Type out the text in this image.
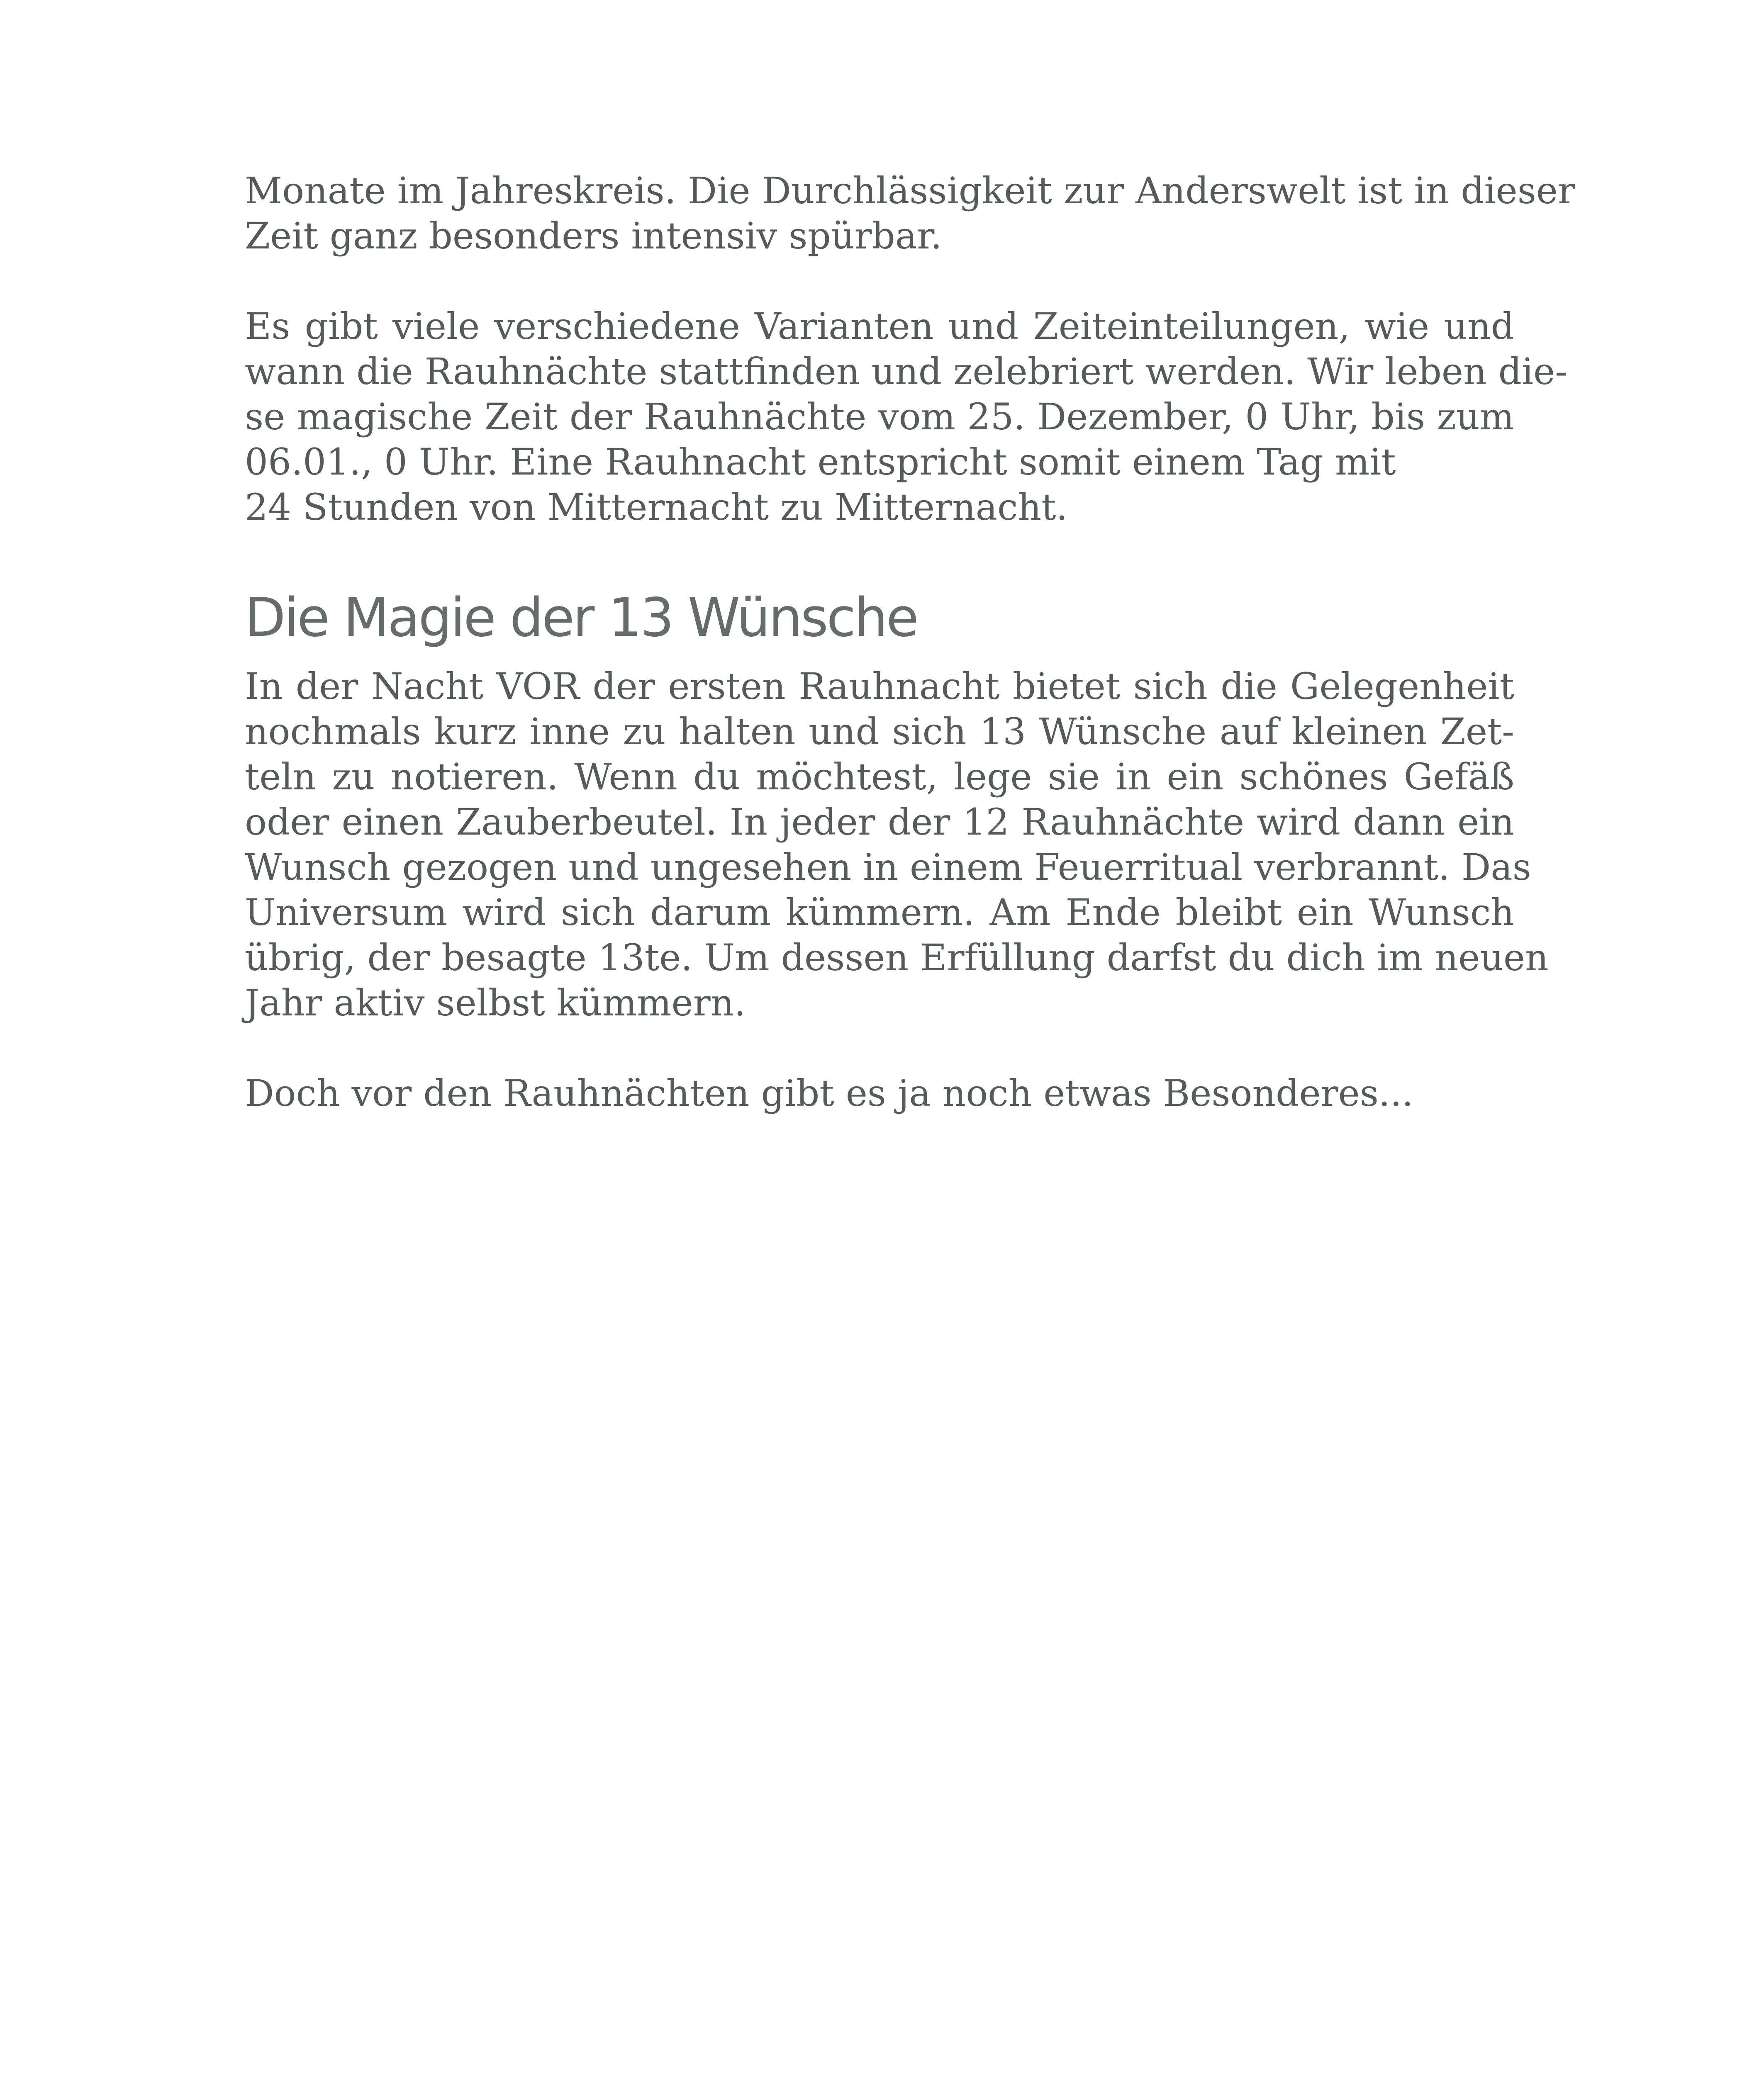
Monate im Jahreskreis. Die Durchlässigkeit zur Anderswelt ist in dieser
Zeit ganz besonders intensiv spürbar.
Es gibt viele verschiedene Varianten und Zeiteinteilungen, wie und
wann die Rauhnächte stattfinden und zelebriert werden. Wir leben die-
se magische Zeit der Rauhnächte vom 25. Dezember, 0 Uhr, bis zum
06.01., 0 Uhr. Eine Rauhnacht entspricht somit einem Tag mit
24 Stunden von Mitternacht zu Mitternacht.
Die Magie der 13 Wünsche
In der Nacht VOR der ersten Rauhnacht bietet sich die Gelegenheit
nochmals kurz inne zu halten und sich 13 Wünsche auf kleinen Zet-
teln zu notieren. Wenn du möchtest, lege sie in ein schönes Gefäß
oder einen Zauberbeutel. In jeder der 12 Rauhnächte wird dann ein
Wunsch gezogen und ungesehen in einem Feuerritual verbrannt. Das
Universum wird sich darum kümmern. Am Ende bleibt ein Wunsch
übrig, der besagte 13te. Um dessen Erfüllung darfst du dich im neuen
Jahr aktiv selbst kümmern.
Doch vor den Rauhnächten gibt es ja noch etwas Besonderes...
